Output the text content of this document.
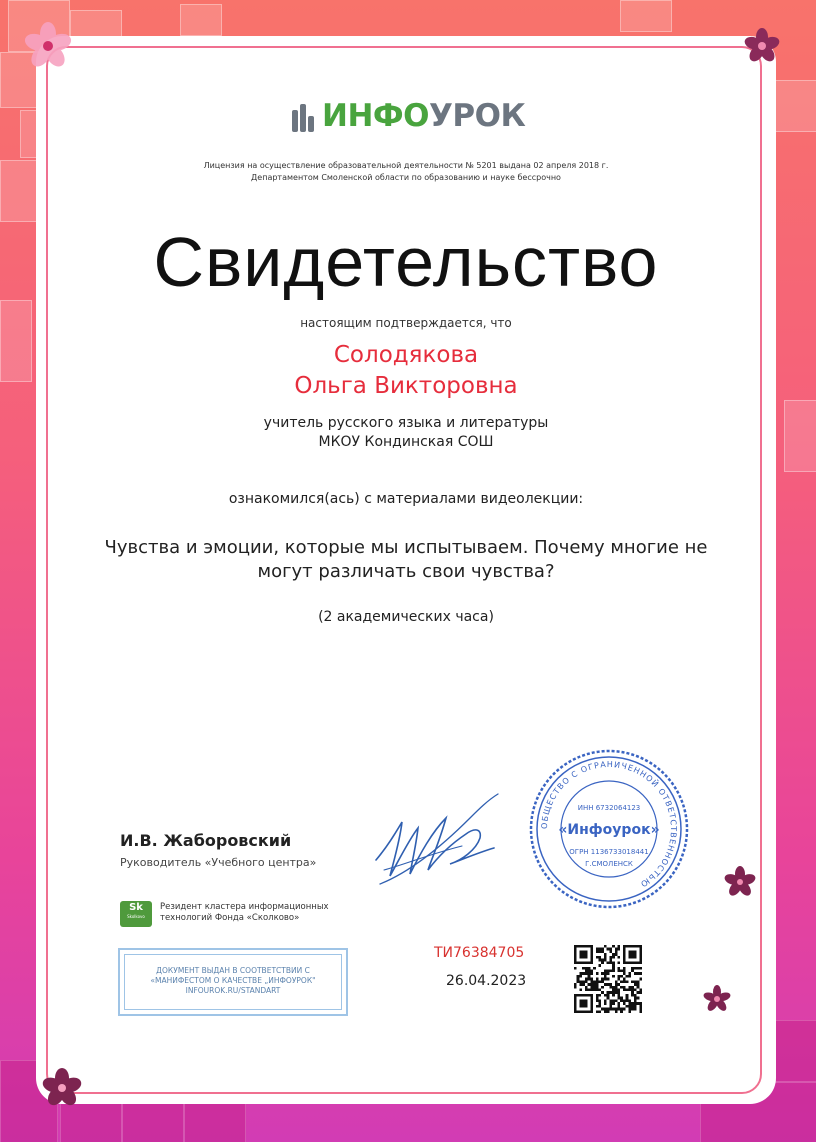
ИНФОУРОК
Лицензия на осуществление образовательной деятельности № 5201 выдана 02 апреля 2018 г.
Департаментом Смоленской области по образованию и науке бессрочно
Свидетельство
настоящим подтверждается, что
Солодякова
Ольга Викторовна
учитель русского языка и литературы
МКОУ Кондинская СОШ
ознакомился(ась) с материалами видеолекции:
Чувства и эмоции, которые мы испытываем. Почему многие не
могут различать свои чувства?
(2 академических часа)
ОБЩЕСТВО С ОГРАНИЧЕННОЙ ОТВЕТСТВЕННОСТЬЮ
ИНН 6732064123
«Инфоурок»
ОГРН 1136733018441
Г.СМОЛЕНСК
И.В. Жаборовский
Руководитель «Учебного центра»
Sk
Skolkovo
Резидент кластера информационных
технологий Фонда «Сколково»
ДОКУМЕНТ ВЫДАН В СООТВЕТСТВИИ С
«МАНИФЕСТОМ О КАЧЕСТВЕ „ИНФОУРОК"
INFOUROK.RU/STANDART
ТИ76384705
26.04.2023
